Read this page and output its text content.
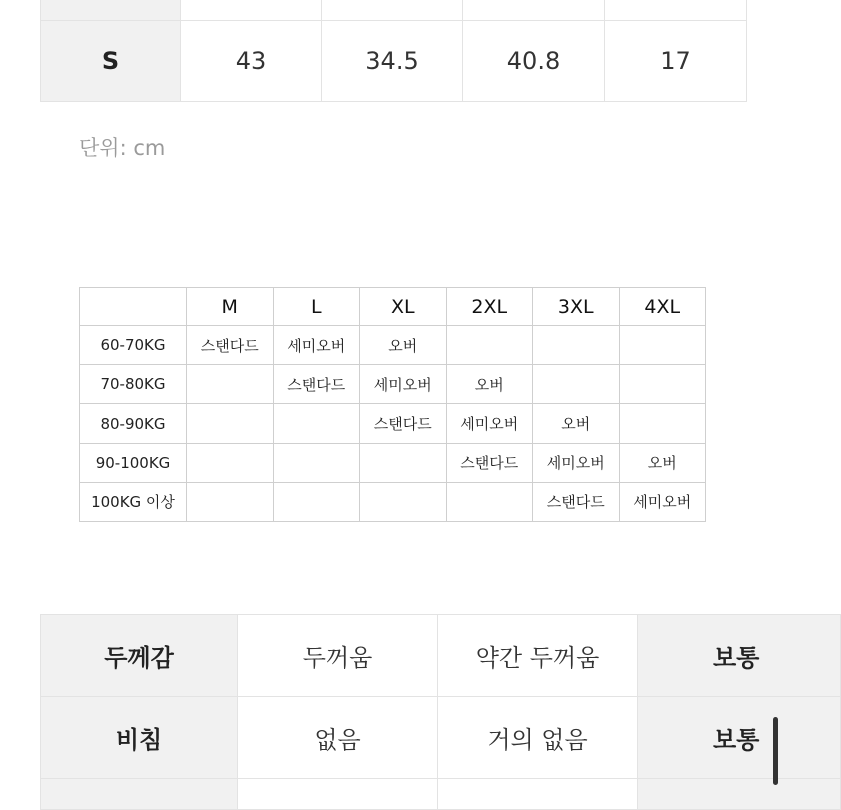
S	43	34.5	40.8	17
단위: cm
	M	L	XL	2XL	3XL	4XL
60-70KG	스탠다드	세미오버	오버			
70-80KG		스탠다드	세미오버	오버		
80-90KG			스탠다드	세미오버	오버	
90-100KG				스탠다드	세미오버	오버
100KG 이상					스탠다드	세미오버
두께감	두꺼움	약간 두꺼움	보통
비침	없음	거의 없음	보통
